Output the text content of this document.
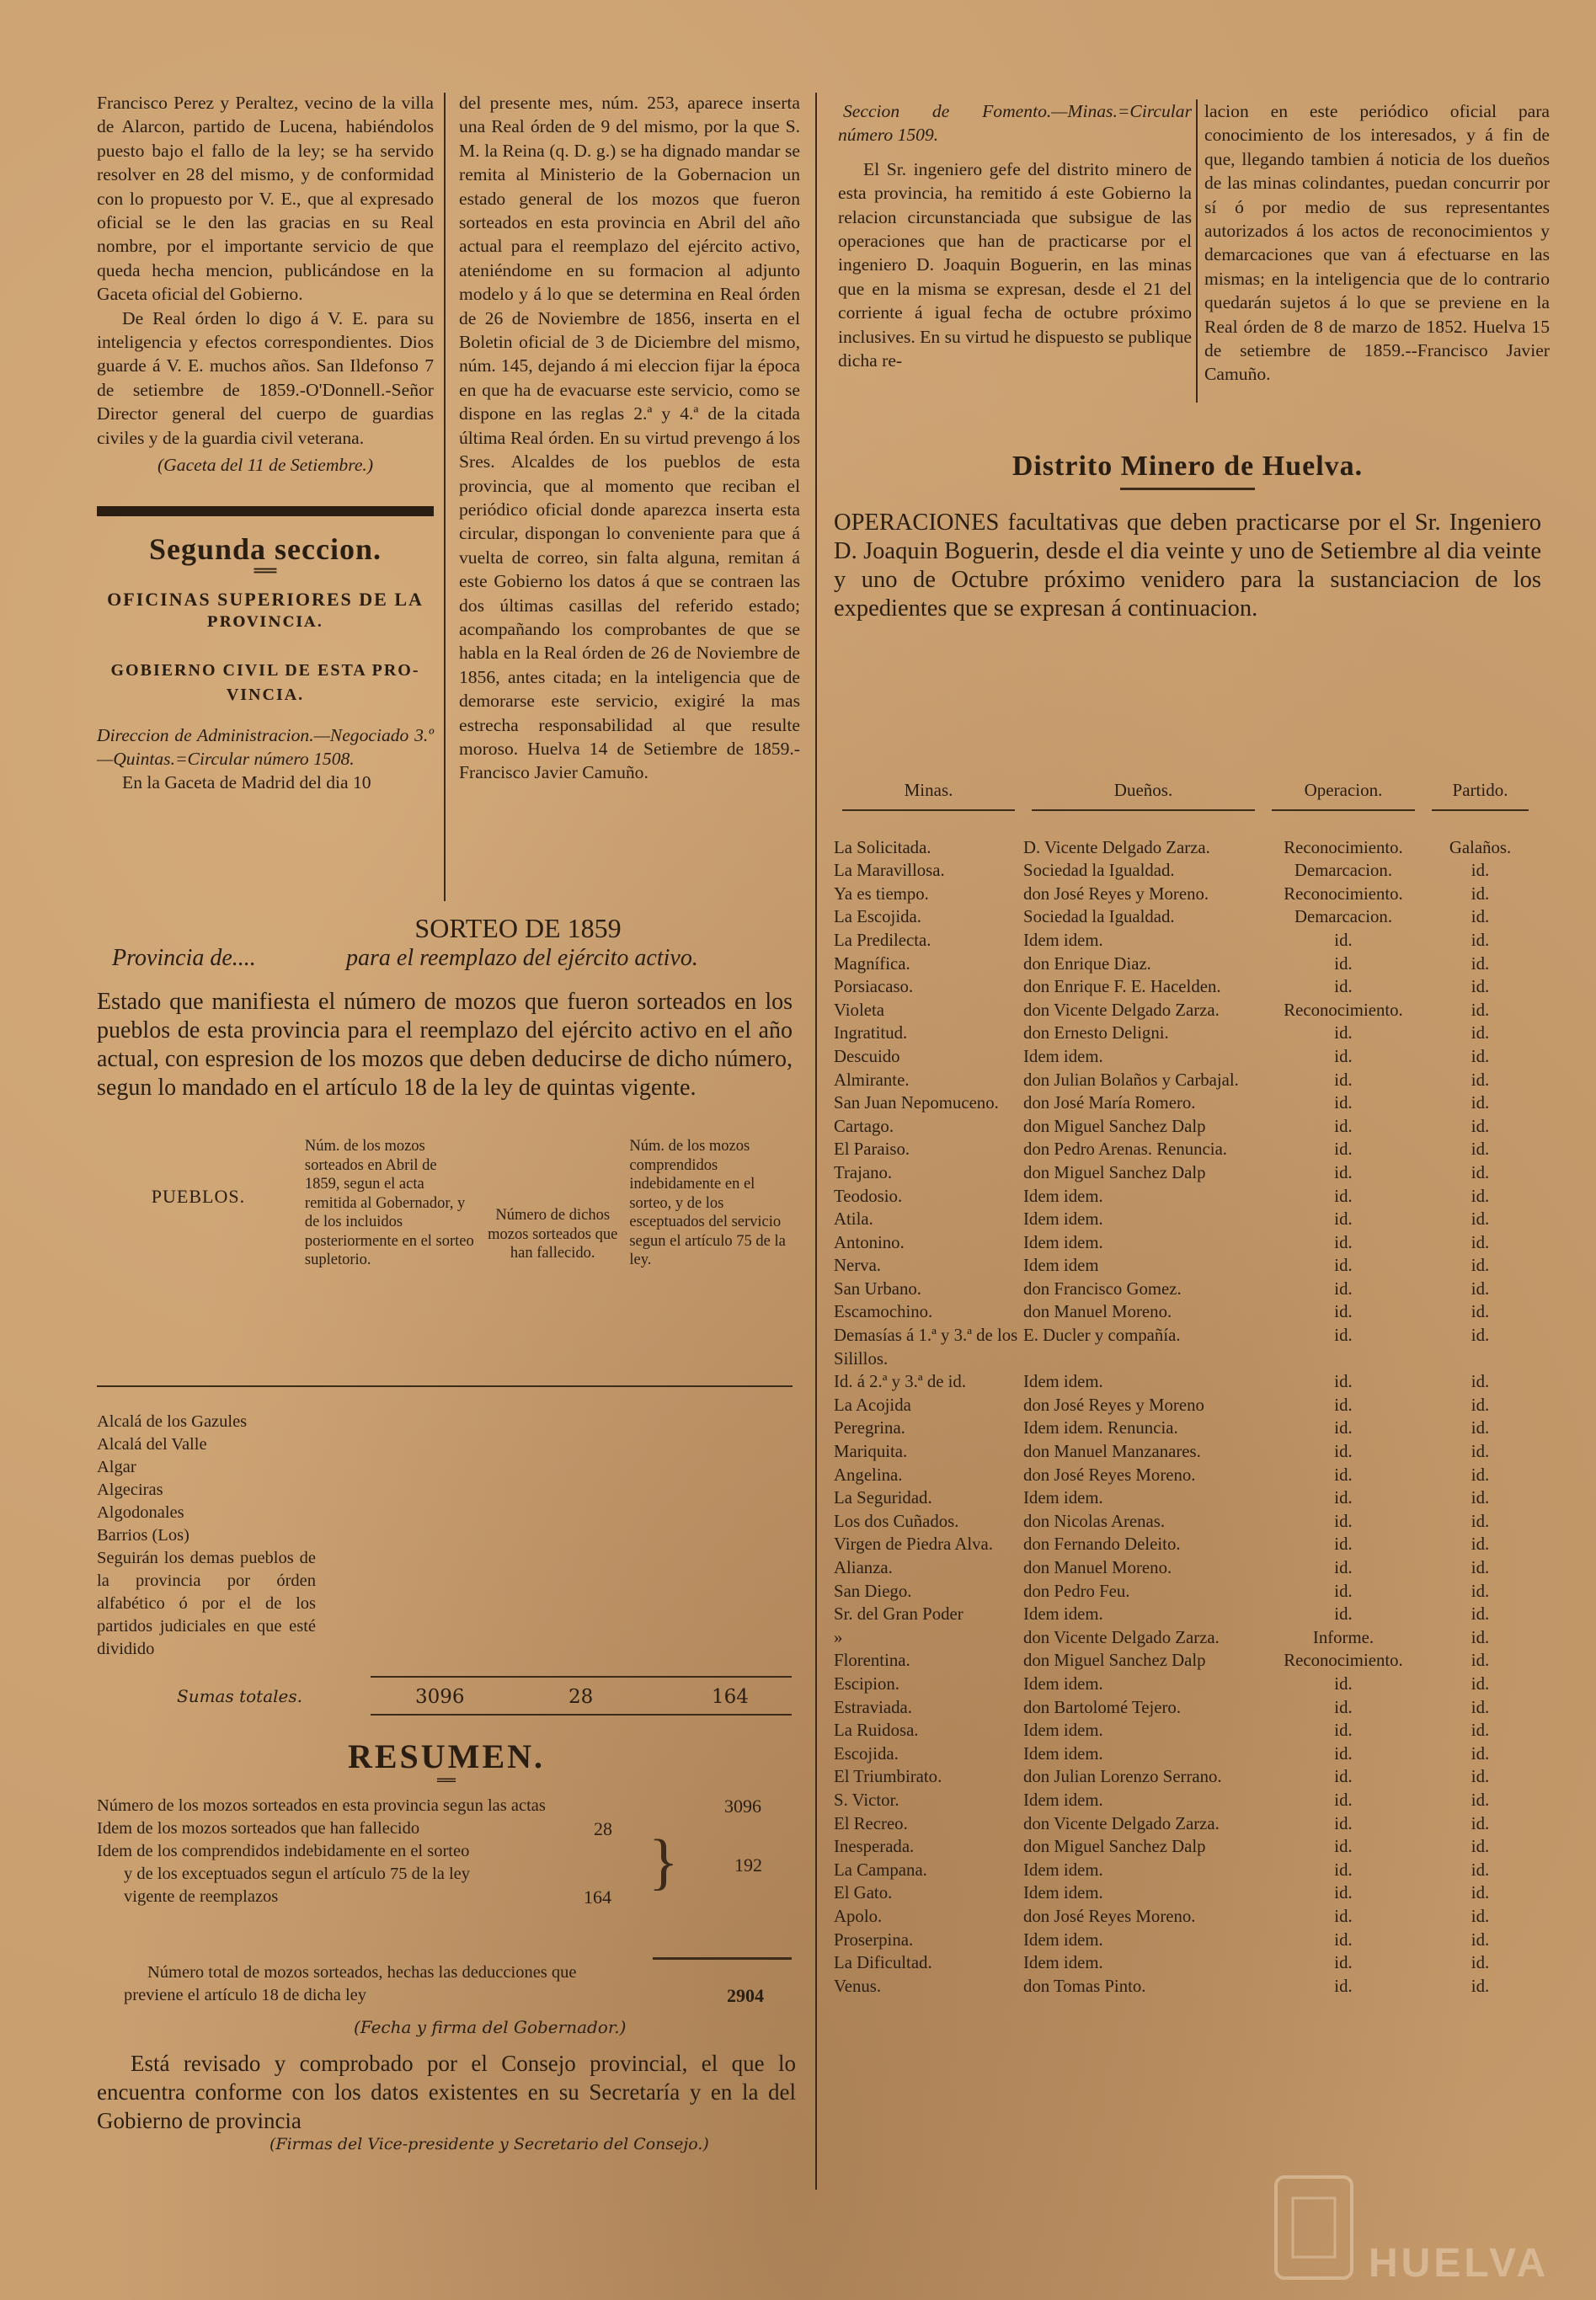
Francisco Perez y Peraltez, vecino de la villa de Alarcon, partido de Lucena, habiéndolos puesto bajo el fallo de la ley; se ha servido resolver en 28 del mismo, y de conformidad con lo propuesto por V. E., que al expresado oficial se le den las gracias en su Real nombre, por el importante servicio de que queda hecha mencion, publicándose en la Gaceta oficial del Gobierno.

De Real órden lo digo á V. E. para su inteligencia y efectos correspondientes. Dios guarde á V. E. muchos años. San Ildefonso 7 de setiembre de 1859.-O'Donnell.-Señor Director general del cuerpo de guardias civiles y de la guardia civil veterana.

(Gaceta del 11 de Setiembre.)

Segunda seccion.
══
OFICINAS SUPERIORES DE LA
PROVINCIA.
GOBIERNO CIVIL DE ESTA PRO-
VINCIA.

Direccion de Administracion.—Negociado 3.º—Quintas.=Circular número 1508.

En la Gaceta de Madrid del dia 10

del presente mes, núm. 253, aparece inserta una Real órden de 9 del mismo, por la que S. M. la Reina (q. D. g.) se ha dignado mandar se remita al Ministerio de la Gobernacion un estado general de los mozos que fueron sorteados en esta provincia en Abril del año actual para el reemplazo del ejército activo, ateniéndome en su formacion al adjunto modelo y á lo que se determina en Real órden de 26 de Noviembre de 1856, inserta en el Boletin oficial de 3 de Diciembre del mismo, núm. 145, dejando á mi eleccion fijar la época en que ha de evacuarse este servicio, como se dispone en las reglas 2.ª y 4.ª de la citada última Real órden. En su virtud prevengo á los Sres. Alcaldes de los pueblos de esta provincia, que al momento que reciban el periódico oficial donde aparezca inserta esta circular, dispongan lo conveniente para que á vuelta de correo, sin falta alguna, remitan á este Gobierno los datos á que se contraen las dos últimas casillas del referido estado; acompañando los comprobantes de que se habla en la Real órden de 26 de Noviembre de 1856, antes citada; en la inteligencia que de demorarse este servicio, exigiré la mas estrecha responsabilidad al que resulte moroso. Huelva 14 de Setiembre de 1859.-Francisco Javier Camuño.

SORTEO DE 1859
Provincia de....	para el reemplazo del ejército activo.

Estado que manifiesta el número de mozos que fueron sorteados en los pueblos de esta provincia para el reemplazo del ejército activo en el año actual, con espresion de los mozos que deben deducirse de dicho número, segun lo mandado en el artículo 18 de la ley de quintas vigente.

PUEBLOS.	Núm. de los mozos sorteados en Abril de 1859, segun el acta remitida al Gobernador, y de los incluidos posteriormente en el sorteo supletorio.	Número de dichos mozos sorteados que han fallecido.	Núm. de los mozos comprendidos indebidamente en el sorteo, y de los esceptuados del servicio segun el artículo 75 de la ley.
Alcalá de los Gazules
Alcalá del Valle
Algar
Algeciras
Algodonales
Barrios (Los)
Seguirán los demas pueblos de la provincia por órden alfabético ó por el de los partidos judiciales en que esté dividido
Sumas totales.	3096	28	164
RESUMEN.
══
Número de los mozos sorteados en esta provincia segun las actas	3096
Idem de los mozos sorteados que han fallecido	28
Idem de los comprendidos indebidamente en el sorteo
y de los exceptuados segun el artículo 75 de la ley
vigente de reemplazos	164
}	192
Número total de mozos sorteados, hechas las deducciones que
previene el artículo 18 de dicha ley	2904
(Fecha y firma del Gobernador.)

Está revisado y comprobado por el Consejo provincial, el que lo encuentra conforme con los datos existentes en su Secretaría y en la del Gobierno de provincia

(Firmas del Vice-presidente y Secretario del Consejo.)

Seccion de Fomento.—Minas.=Circular número 1509.

El Sr. ingeniero gefe del distrito minero de esta provincia, ha remitido á este Gobierno la relacion circunstanciada que subsigue de las operaciones que han de practicarse por el ingeniero D. Joaquin Boguerin, en las minas que en la misma se expresan, desde el 21 del corriente á igual fecha de octubre próximo inclusives. En su virtud he dispuesto se publique dicha re-

lacion en este periódico oficial para conocimiento de los interesados, y á fin de que, llegando tambien á noticia de los dueños de las minas colindantes, puedan concurrir por sí ó por medio de sus representantes autorizados á los actos de reconocimientos y demarcaciones que van á efectuarse en las mismas; en la inteligencia que de lo contrario quedarán sujetos á lo que se previene en la Real órden de 8 de marzo de 1852. Huelva 15 de setiembre de 1859.--Francisco Javier Camuño.

Distrito Minero de Huelva.

OPERACIONES facultativas que deben practicarse por el Sr. Ingeniero D. Joaquin Boguerin, desde el dia veinte y uno de Setiembre al dia veinte y uno de Octubre próximo venidero para la sustanciacion de los expedientes que se expresan á continuacion.

Minas.	Dueños.	Operacion.	Partido.

La Solicitada.	D. Vicente Delgado Zarza.	Reconocimiento.	Galaños.
La Maravillosa.	Sociedad la Igualdad.	Demarcacion.	id.
Ya es tiempo.	don José Reyes y Moreno.	Reconocimiento.	id.
La Escojida.	Sociedad la Igualdad.	Demarcacion.	id.
La Predilecta.	Idem idem.	id.	id.
Magnífica.	don Enrique Diaz.	id.	id.
Porsiacaso.	don Enrique F. E. Hacelden.	id.	id.
Violeta	don Vicente Delgado Zarza.	Reconocimiento.	id.
Ingratitud.	don Ernesto Deligni.	id.	id.
Descuido	Idem idem.	id.	id.
Almirante.	don Julian Bolaños y Carbajal.	id.	id.
San Juan Nepomuceno.	don José María Romero.	id.	id.
Cartago.	don Miguel Sanchez Dalp	id.	id.
El Paraiso.	don Pedro Arenas. Renuncia.	id.	id.
Trajano.	don Miguel Sanchez Dalp	id.	id.
Teodosio.	Idem idem.	id.	id.
Atila.	Idem idem.	id.	id.
Antonino.	Idem idem.	id.	id.
Nerva.	Idem idem	id.	id.
San Urbano.	don Francisco Gomez.	id.	id.
Escamochino.	don Manuel Moreno.	id.	id.
Demasías á 1.ª y 3.ª de los Silillos.	E. Ducler y compañía.	id.	id.
Id. á 2.ª y 3.ª de id.	Idem idem.	id.	id.
La Acojida	don José Reyes y Moreno	id.	id.
Peregrina.	Idem idem. Renuncia.	id.	id.
Mariquita.	don Manuel Manzanares.	id.	id.
Angelina.	don José Reyes Moreno.	id.	id.
La Seguridad.	Idem idem.	id.	id.
Los dos Cuñados.	don Nicolas Arenas.	id.	id.
Virgen de Piedra Alva.	don Fernando Deleito.	id.	id.
Alianza.	don Manuel Moreno.	id.	id.
San Diego.	don Pedro Feu.	id.	id.
Sr. del Gran Poder	Idem idem.	id.	id.
»	don Vicente Delgado Zarza.	Informe.	id.
Florentina.	don Miguel Sanchez Dalp	Reconocimiento.	id.
Escipion.	Idem idem.	id.	id.
Estraviada.	don Bartolomé Tejero.	id.	id.
La Ruidosa.	Idem idem.	id.	id.
Escojida.	Idem idem.	id.	id.
El Triumbirato.	don Julian Lorenzo Serrano.	id.	id.
S. Victor.	Idem idem.	id.	id.
El Recreo.	don Vicente Delgado Zarza.	id.	id.
Inesperada.	don Miguel Sanchez Dalp	id.	id.
La Campana.	Idem idem.	id.	id.
El Gato.	Idem idem.	id.	id.
Apolo.	don José Reyes Moreno.	id.	id.
Proserpina.	Idem idem.	id.	id.
La Dificultad.	Idem idem.	id.	id.
Venus.	don Tomas Pinto.	id.	id.
HUELVA
